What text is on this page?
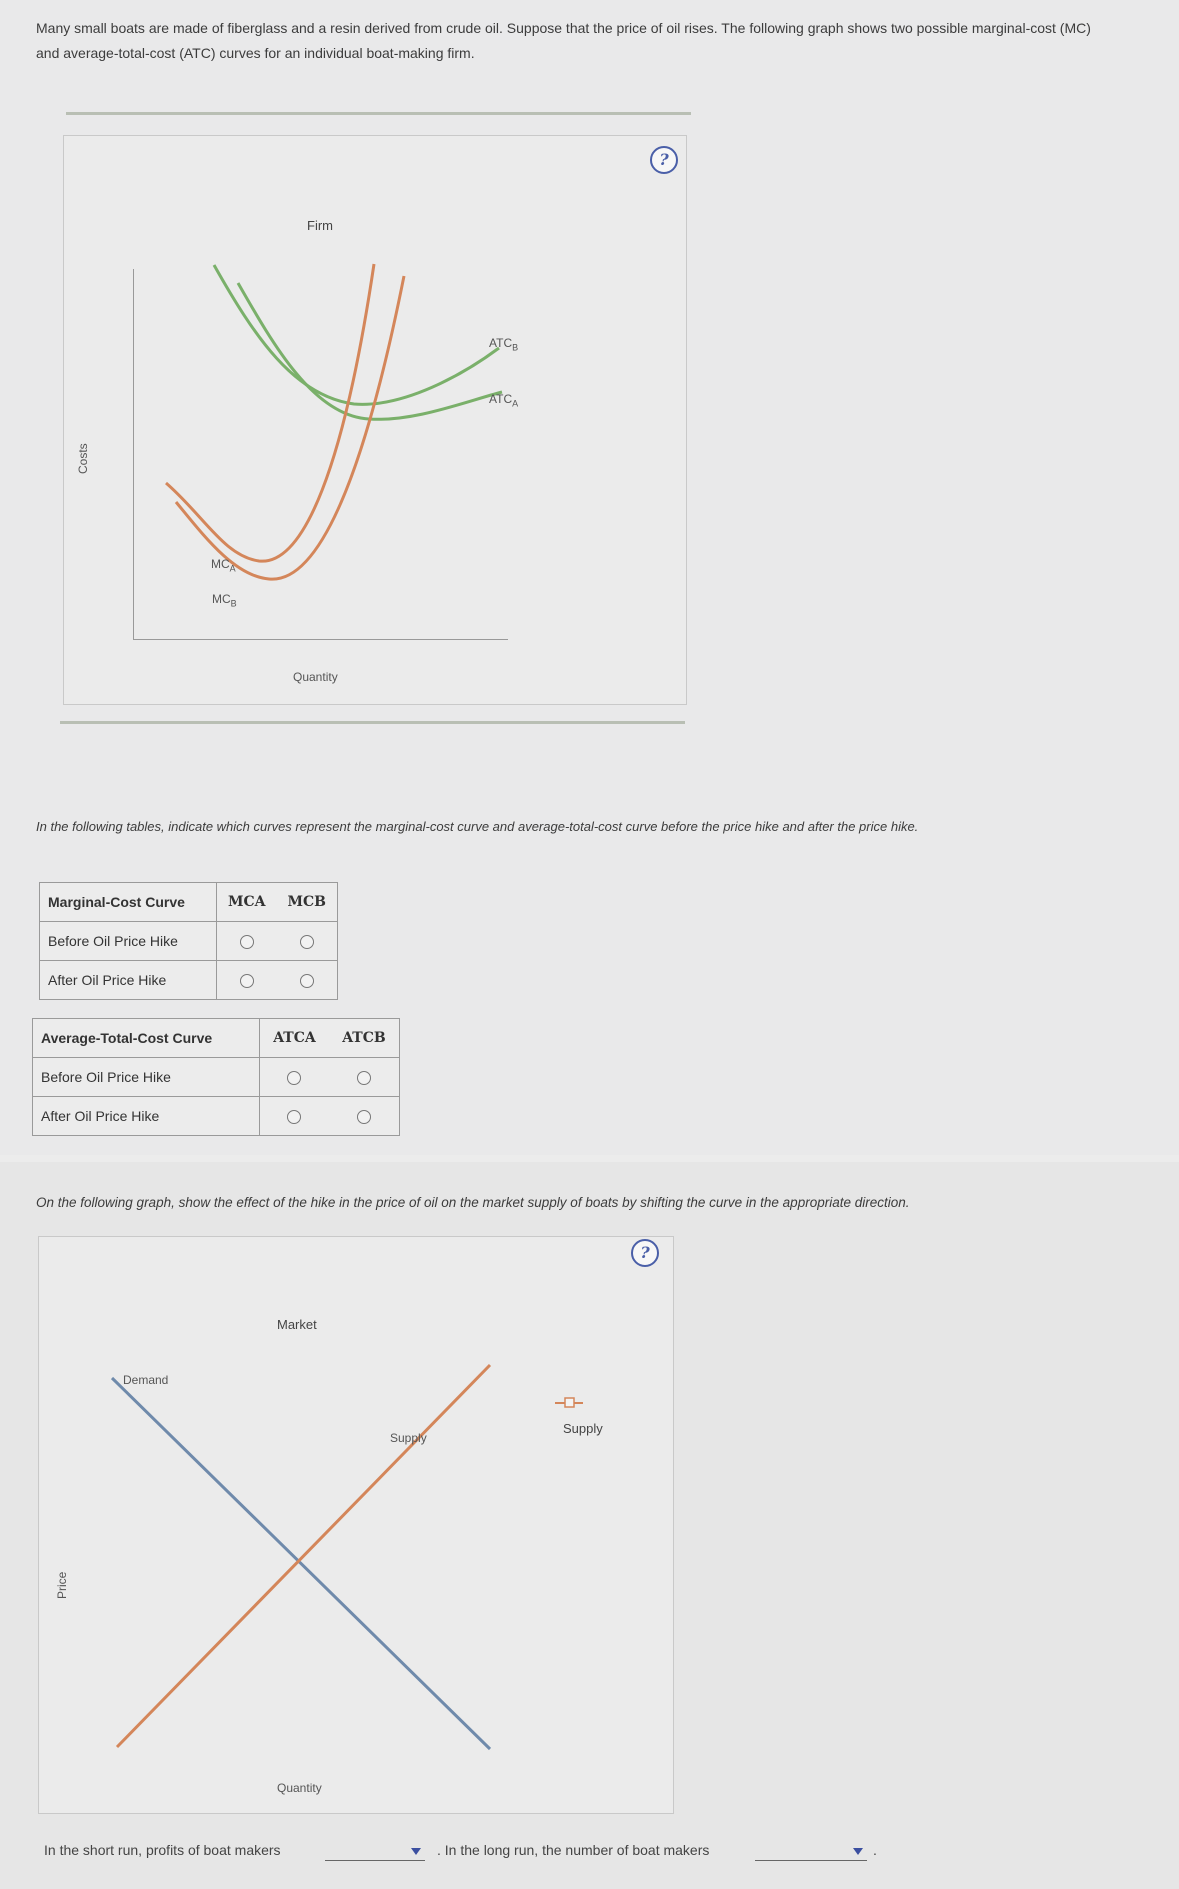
Many small boats are made of fiberglass and a resin derived from crude oil. Suppose that the price of oil rises. The following graph shows two possible marginal-cost (MC) and average-total-cost (ATC) curves for an individual boat-making firm.
?
Firm
Costs
Quantity
$ATC_B$
$ATC_A$
$MC_A$
$MC_B$
In the following tables, indicate which curves represent the marginal-cost curve and average-total-cost curve before the price hike and after the price hike.
Marginal-Cost Curve	MCA	MCB
Before Oil Price Hike		
After Oil Price Hike		
Average-Total-Cost Curve	ATCA	ATCB
Before Oil Price Hike		
After Oil Price Hike		
On the following graph, show the effect of the hike in the price of oil on the market supply of boats by shifting the curve in the appropriate direction.
?
Market
Price
Quantity
Demand
Supply
Supply
In the short run, profits of boat makers	. In the long run, the number of boat makers	.
